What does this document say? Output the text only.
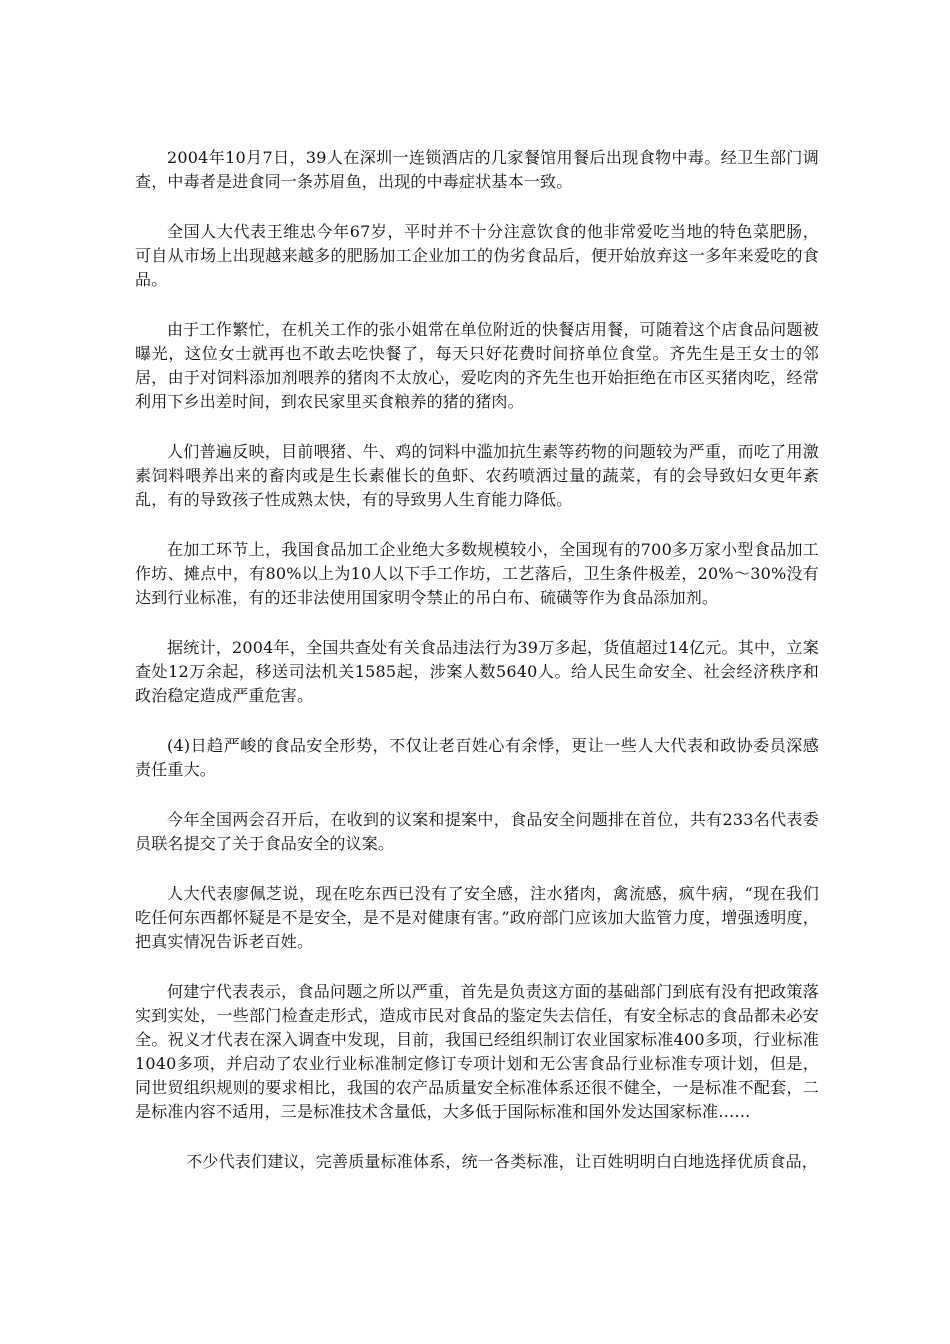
2004年10月7日，39人在深圳一连锁酒店的几家餐馆用餐后出现食物中毒。经卫生部门调查，中毒者是进食同一条苏眉鱼，出现的中毒症状基本一致。

全国人大代表王维忠今年67岁，平时并不十分注意饮食的他非常爱吃当地的特色菜肥肠，可自从市场上出现越来越多的肥肠加工企业加工的伪劣食品后，便开始放弃这一多年来爱吃的食品。

由于工作繁忙，在机关工作的张小姐常在单位附近的快餐店用餐，可随着这个店食品问题被曝光，这位女士就再也不敢去吃快餐了，每天只好花费时间挤单位食堂。齐先生是王女士的邻居，由于对饲料添加剂喂养的猪肉不太放心，爱吃肉的齐先生也开始拒绝在市区买猪肉吃，经常利用下乡出差时间，到农民家里买食粮养的猪的猪肉。

人们普遍反映，目前喂猪、牛、鸡的饲料中滥加抗生素等药物的问题较为严重，而吃了用激素饲料喂养出来的畜肉或是生长素催长的鱼虾、农药喷洒过量的蔬菜，有的会导致妇女更年紊乱，有的导致孩子性成熟太快，有的导致男人生育能力降低。

在加工环节上，我国食品加工企业绝大多数规模较小，全国现有的700多万家小型食品加工作坊、摊点中，有80%以上为10人以下手工作坊，工艺落后，卫生条件极差，20%～30%没有达到行业标准，有的还非法使用国家明令禁止的吊白布、硫磺等作为食品添加剂。

据统计，2004年，全国共查处有关食品违法行为39万多起，货值超过14亿元。其中，立案查处12万余起，移送司法机关1585起，涉案人数5640人。给人民生命安全、社会经济秩序和政治稳定造成严重危害。

(4)日趋严峻的食品安全形势，不仅让老百姓心有余悸，更让一些人大代表和政协委员深感责任重大。

今年全国两会召开后，在收到的议案和提案中，食品安全问题排在首位，共有233名代表委员联名提交了关于食品安全的议案。

人大代表廖佩芝说，现在吃东西已没有了安全感，注水猪肉，禽流感，疯牛病，“现在我们吃任何东西都怀疑是不是安全，是不是对健康有害。”政府部门应该加大监管力度，增强透明度，把真实情况告诉老百姓。

何建宁代表表示，食品问题之所以严重，首先是负责这方面的基础部门到底有没有把政策落实到实处，一些部门检查走形式，造成市民对食品的鉴定失去信任，有安全标志的食品都未必安全。祝义才代表在深入调查中发现，目前，我国已经组织制订农业国家标准400多项，行业标准1040多项，并启动了农业行业标准制定修订专项计划和无公害食品行业标准专项计划，但是，同世贸组织规则的要求相比，我国的农产品质量安全标准体系还很不健全，一是标准不配套，二是标准内容不适用，三是标准技术含量低，大多低于国际标准和国外发达国家标准……

不少代表们建议，完善质量标准体系，统一各类标准，让百姓明明白白地选择优质食品，
